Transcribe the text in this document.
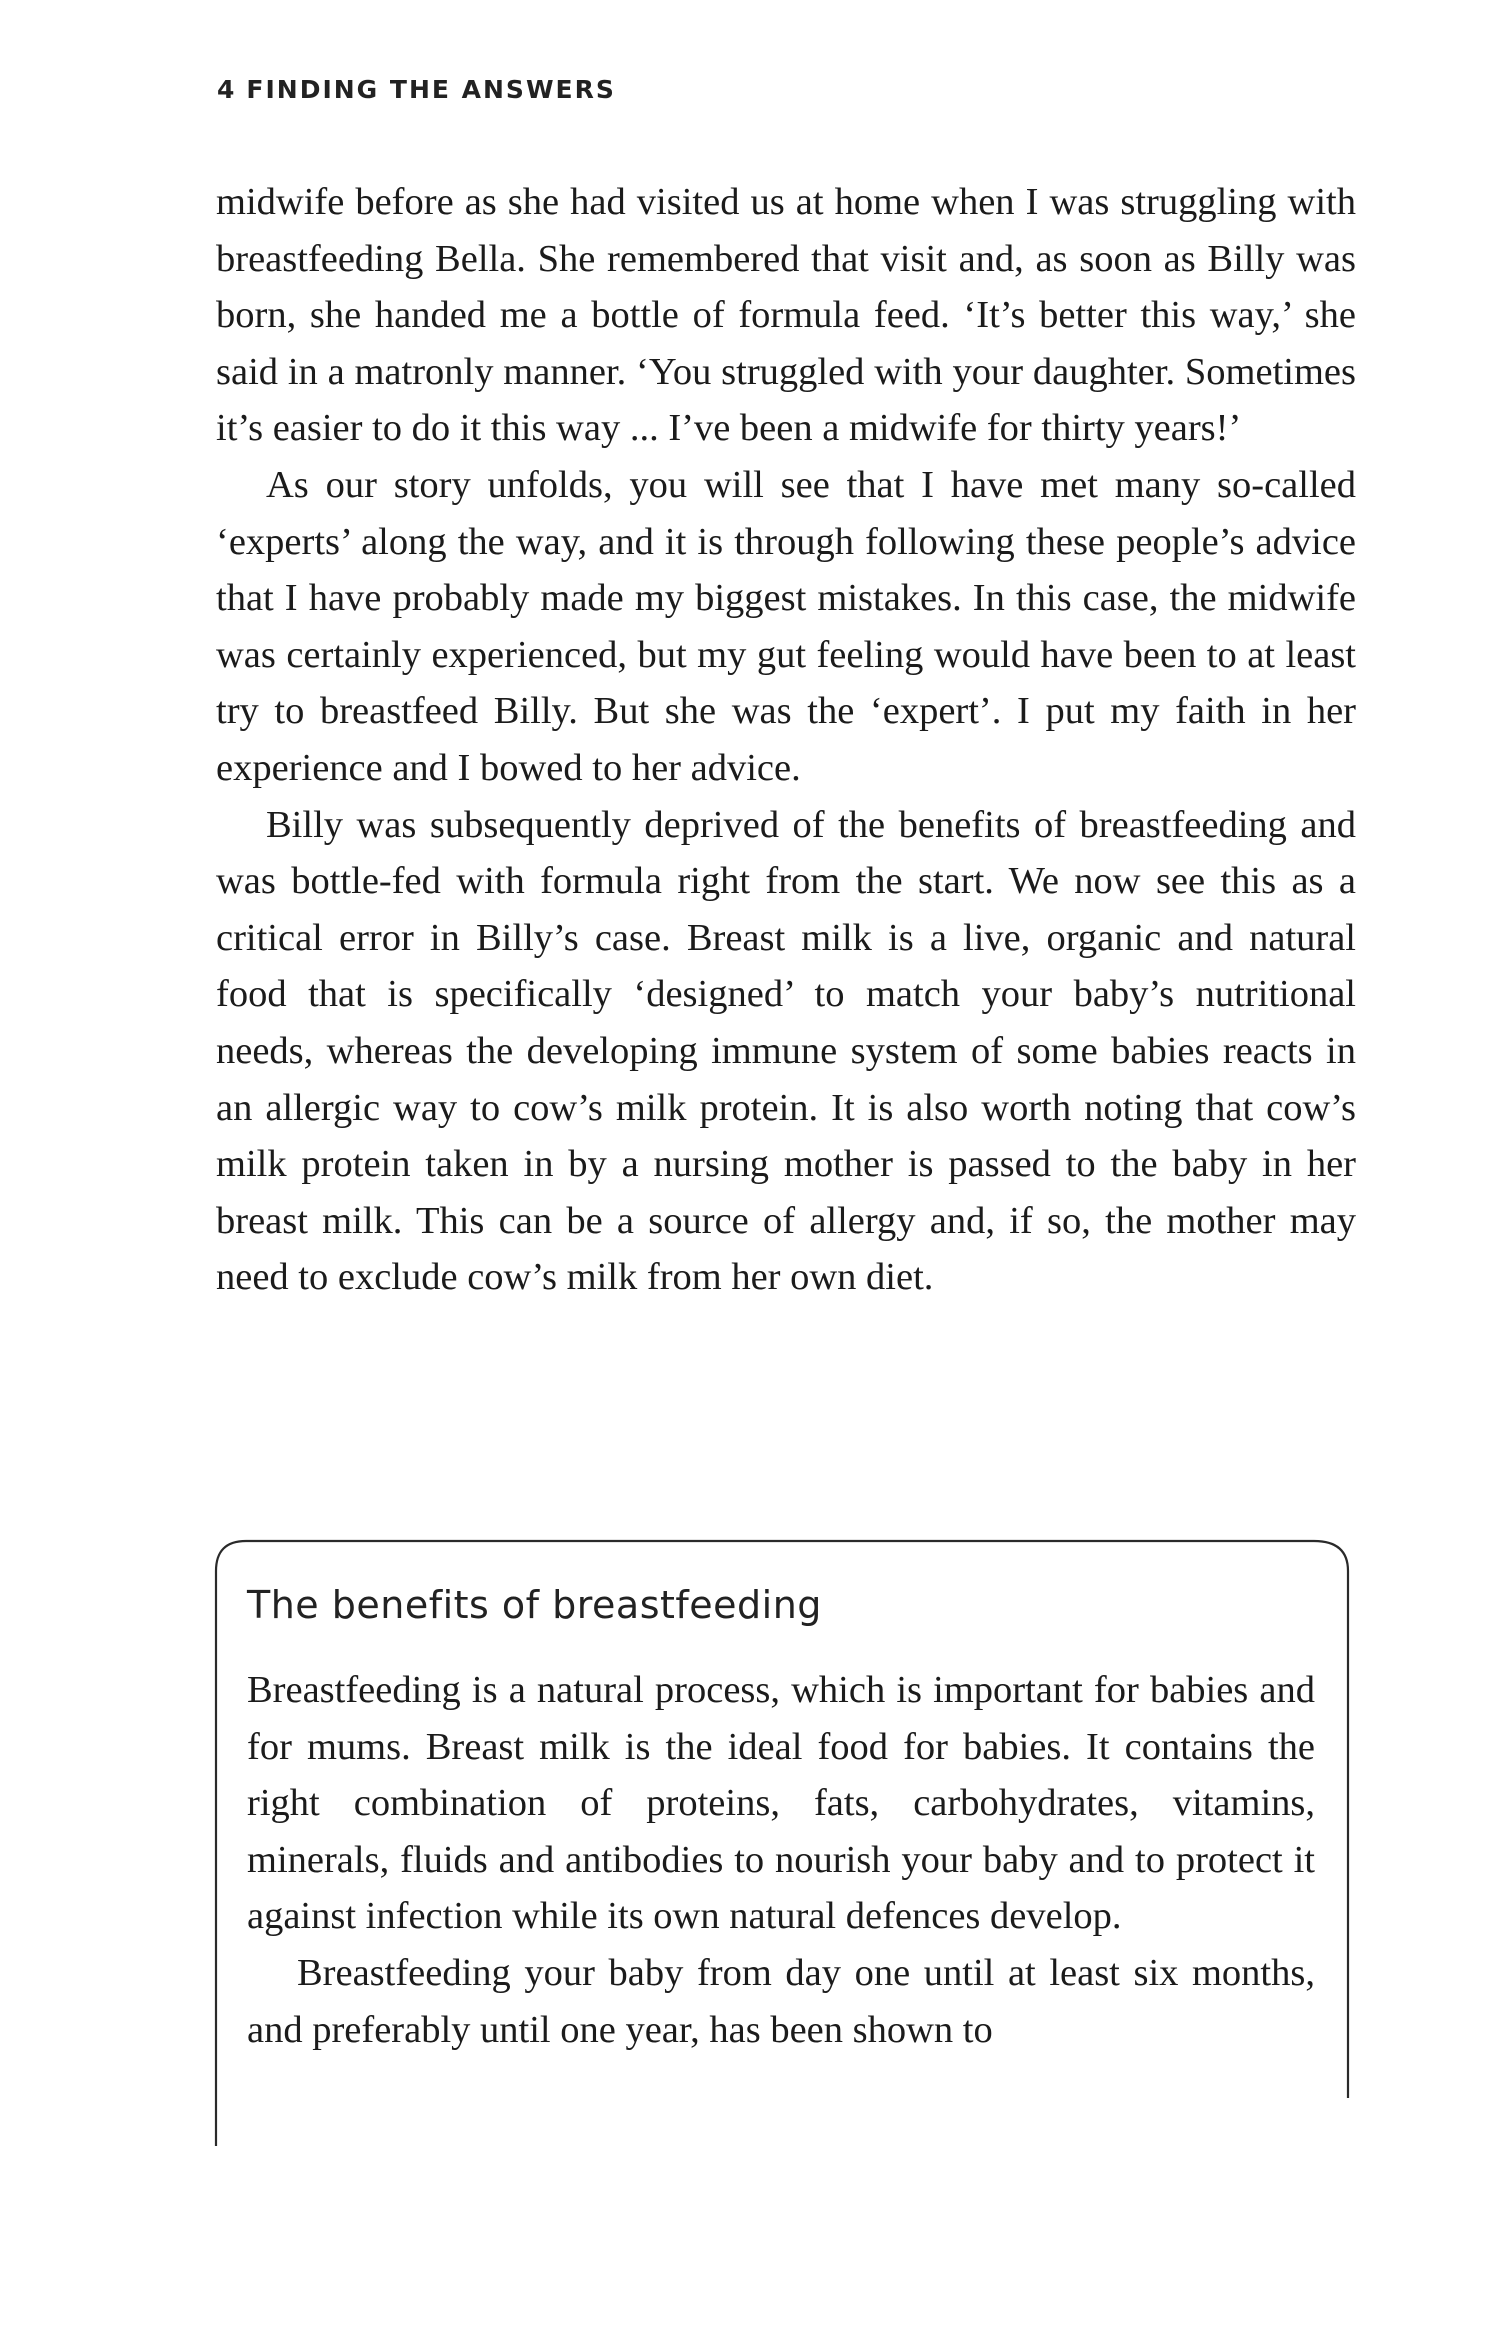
4 FINDING THE ANSWERS

midwife before as she had visited us at home when I was struggling with breastfeeding Bella. She remembered that visit and, as soon as Billy was born, she handed me a bottle of formula feed. ‘It’s better this way,’ she said in a matronly manner. ‘You struggled with your daughter. Sometimes it’s easier to do it this way ... I’ve been a midwife for thirty years!’

As our story unfolds, you will see that I have met many so-called ‘experts’ along the way, and it is through following these people’s advice that I have probably made my biggest mistakes. In this case, the midwife was certainly experienced, but my gut feeling would have been to at least try to breastfeed Billy. But she was the ‘expert’. I put my faith in her experience and I bowed to her advice.

Billy was subsequently deprived of the benefits of breastfeeding and was bottle-fed with formula right from the start. We now see this as a critical error in Billy’s case. Breast milk is a live, organic and natural food that is specifically ‘designed’ to match your baby’s nutritional needs, whereas the developing immune system of some babies reacts in an allergic way to cow’s milk protein. It is also worth noting that cow’s milk protein taken in by a nursing mother is passed to the baby in her breast milk. This can be a source of allergy and, if so, the mother may need to exclude cow’s milk from her own diet.

The benefits of breastfeeding

Breastfeeding is a natural process, which is important for babies and for mums. Breast milk is the ideal food for babies. It contains the right combination of proteins, fats, carbohydrates, vitamins, minerals, fluids and antibodies to nourish your baby and to protect it against infection while its own natural defences develop.

Breastfeeding your baby from day one until at least six months, and preferably until one year, has been shown to
